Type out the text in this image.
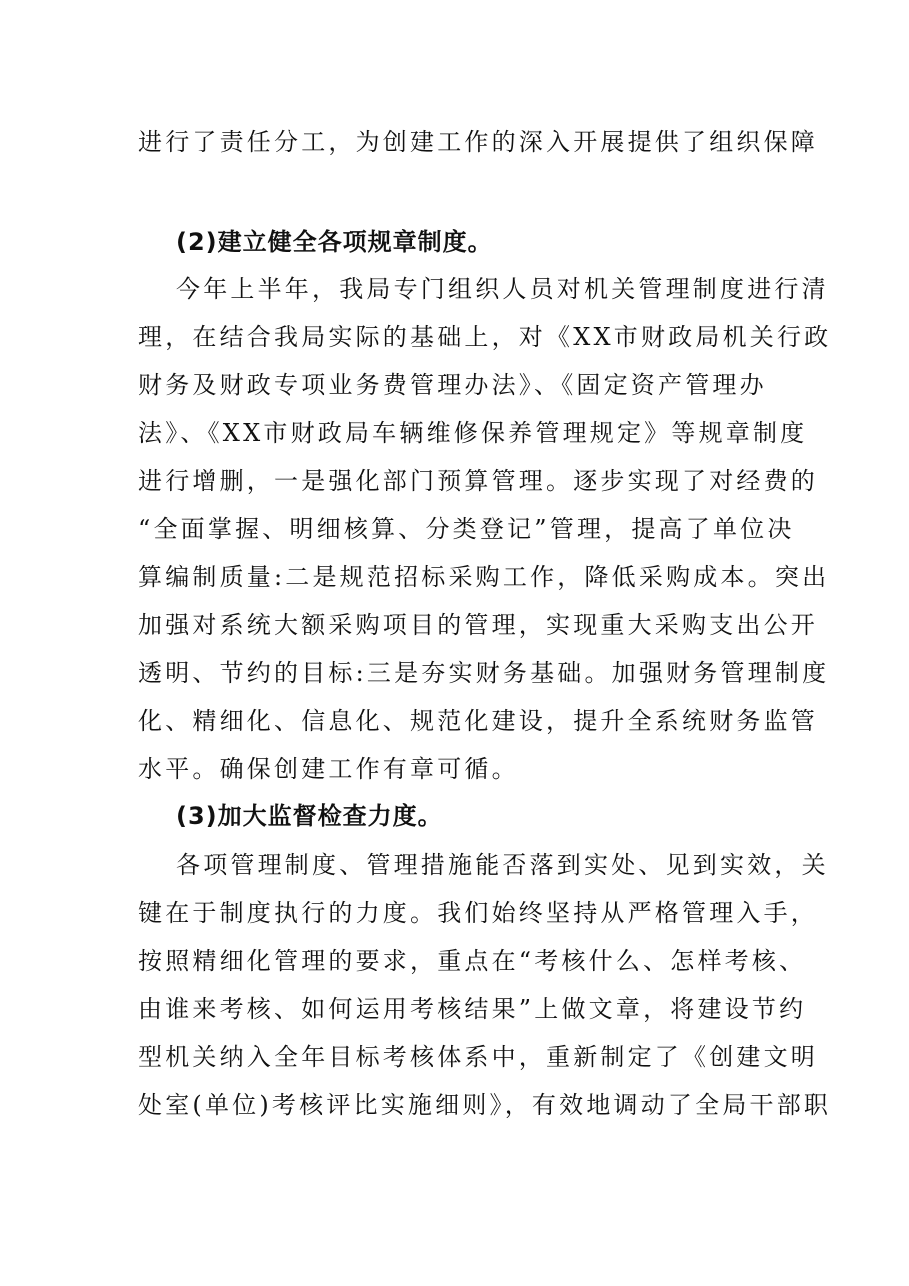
进行了责任分工，为创建工作的深入开展提供了组织保障
(2)建立健全各项规章制度。
今年上半年，我局专门组织人员对机关管理制度进行清
理，在结合我局实际的基础上，对《XX市财政局机关行政
财务及财政专项业务费管理办法》、《固定资产管理办
法》、《XX市财政局车辆维修保养管理规定》等规章制度
进行增删，一是强化部门预算管理。逐步实现了对经费的
“全面掌握、明细核算、分类登记”管理，提高了单位决
算编制质量:二是规范招标采购工作，降低采购成本。突出
加强对系统大额采购项目的管理，实现重大采购支出公开
透明、节约的目标:三是夯实财务基础。加强财务管理制度
化、精细化、信息化、规范化建设，提升全系统财务监管
水平。确保创建工作有章可循。
(3)加大监督检查力度。
各项管理制度、管理措施能否落到实处、见到实效，关
键在于制度执行的力度。我们始终坚持从严格管理入手，
按照精细化管理的要求，重点在“考核什么、怎样考核、
由谁来考核、如何运用考核结果”上做文章，将建设节约
型机关纳入全年目标考核体系中，重新制定了《创建文明
处室(单位)考核评比实施细则》，有效地调动了全局干部职
